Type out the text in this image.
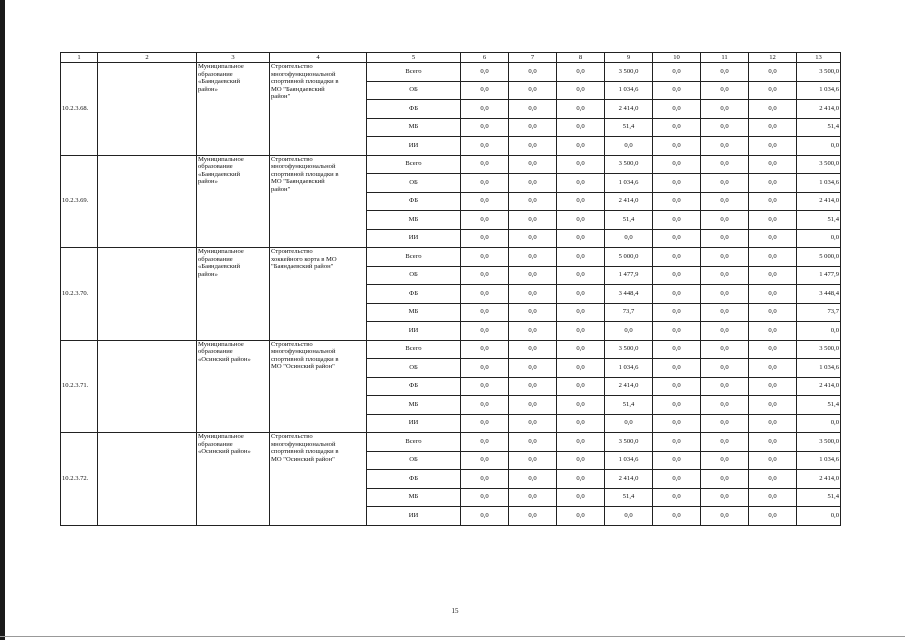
1	2	3	4	5	6	7	8	9	10	11	12	13
10.2.3.68.		Муниципальное
образование
«Баяндаевский
район»	Строительство
многофункциональной
спортивной площадки в
МО "Баяндаевский
район"	Всего	0,0	0,0	0,0	3 500,0	0,0	0,0	0,0	3 500,0
				ОБ	0,0	0,0	0,0	1 034,6	0,0	0,0	0,0	1 034,6
				ФБ	0,0	0,0	0,0	2 414,0	0,0	0,0	0,0	2 414,0
				МБ	0,0	0,0	0,0	51,4	0,0	0,0	0,0	51,4
				ИИ	0,0	0,0	0,0	0,0	0,0	0,0	0,0	0,0
10.2.3.69.		Муниципальное
образование
«Баяндаевский
район»	Строительство
многофункциональной
спортивной площадки в
МО "Баяндаевский
район"	Всего	0,0	0,0	0,0	3 500,0	0,0	0,0	0,0	3 500,0
				ОБ	0,0	0,0	0,0	1 034,6	0,0	0,0	0,0	1 034,6
				ФБ	0,0	0,0	0,0	2 414,0	0,0	0,0	0,0	2 414,0
				МБ	0,0	0,0	0,0	51,4	0,0	0,0	0,0	51,4
				ИИ	0,0	0,0	0,0	0,0	0,0	0,0	0,0	0,0
10.2.3.70.		Муниципальное
образование
«Баяндаевский
район»	Строительство
хоккейного корта в МО
"Баяндаевский район"	Всего	0,0	0,0	0,0	5 000,0	0,0	0,0	0,0	5 000,0
				ОБ	0,0	0,0	0,0	1 477,9	0,0	0,0	0,0	1 477,9
				ФБ	0,0	0,0	0,0	3 448,4	0,0	0,0	0,0	3 448,4
				МБ	0,0	0,0	0,0	73,7	0,0	0,0	0,0	73,7
				ИИ	0,0	0,0	0,0	0,0	0,0	0,0	0,0	0,0
10.2.3.71.		Муниципальное
образование
«Осинский район»	Строительство
многофункциональной
спортивной площадки в
МО "Осинский район"	Всего	0,0	0,0	0,0	3 500,0	0,0	0,0	0,0	3 500,0
				ОБ	0,0	0,0	0,0	1 034,6	0,0	0,0	0,0	1 034,6
				ФБ	0,0	0,0	0,0	2 414,0	0,0	0,0	0,0	2 414,0
				МБ	0,0	0,0	0,0	51,4	0,0	0,0	0,0	51,4
				ИИ	0,0	0,0	0,0	0,0	0,0	0,0	0,0	0,0
10.2.3.72.		Муниципальное
образование
«Осинский район»	Строительство
многофункциональной
спортивной площадки в
МО "Осинский район"	Всего	0,0	0,0	0,0	3 500,0	0,0	0,0	0,0	3 500,0
				ОБ	0,0	0,0	0,0	1 034,6	0,0	0,0	0,0	1 034,6
				ФБ	0,0	0,0	0,0	2 414,0	0,0	0,0	0,0	2 414,0
				МБ	0,0	0,0	0,0	51,4	0,0	0,0	0,0	51,4
				ИИ	0,0	0,0	0,0	0,0	0,0	0,0	0,0	0,0
15
